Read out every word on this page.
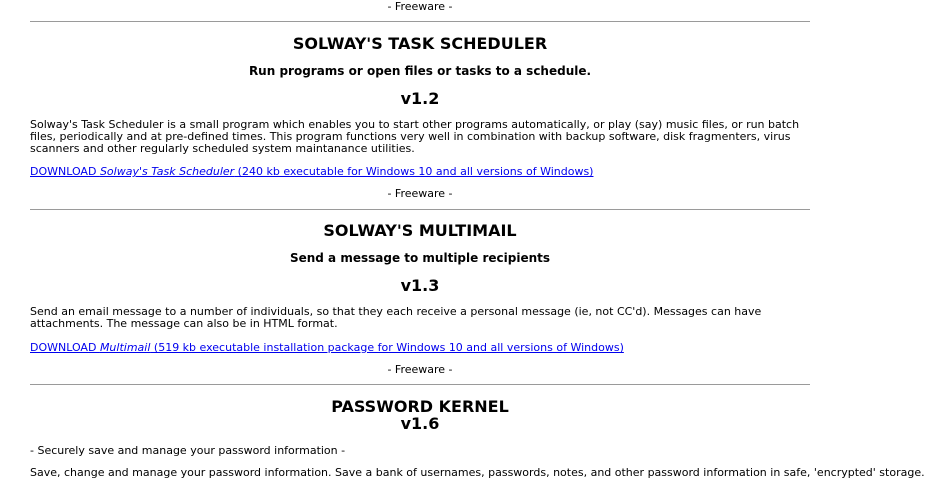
- Freeware -
SOLWAY'S TASK SCHEDULER
Run programs or open files or tasks to a schedule.
v1.2
Solway's Task Scheduler is a small program which enables you to start other programs automatically, or play (say) music files, or run batch files, periodically and at pre-defined times. This program functions very well in combination with backup software, disk fragmenters, virus scanners and other regularly scheduled system maintanance utilities.
DOWNLOAD Solway's Task Scheduler (240 kb executable for Windows 10 and all versions of Windows)
- Freeware -
SOLWAY'S MULTIMAIL
Send a message to multiple recipients
v1.3
Send an email message to a number of individuals, so that they each receive a personal message (ie, not CC'd). Messages can have attachments. The message can also be in HTML format.
DOWNLOAD Multimail (519 kb executable installation package for Windows 10 and all versions of Windows)
- Freeware -
PASSWORD KERNEL
v1.6
- Securely save and manage your password information -
Save, change and manage your password information. Save a bank of usernames, passwords, notes, and other password information in safe, 'encrypted' storage.
